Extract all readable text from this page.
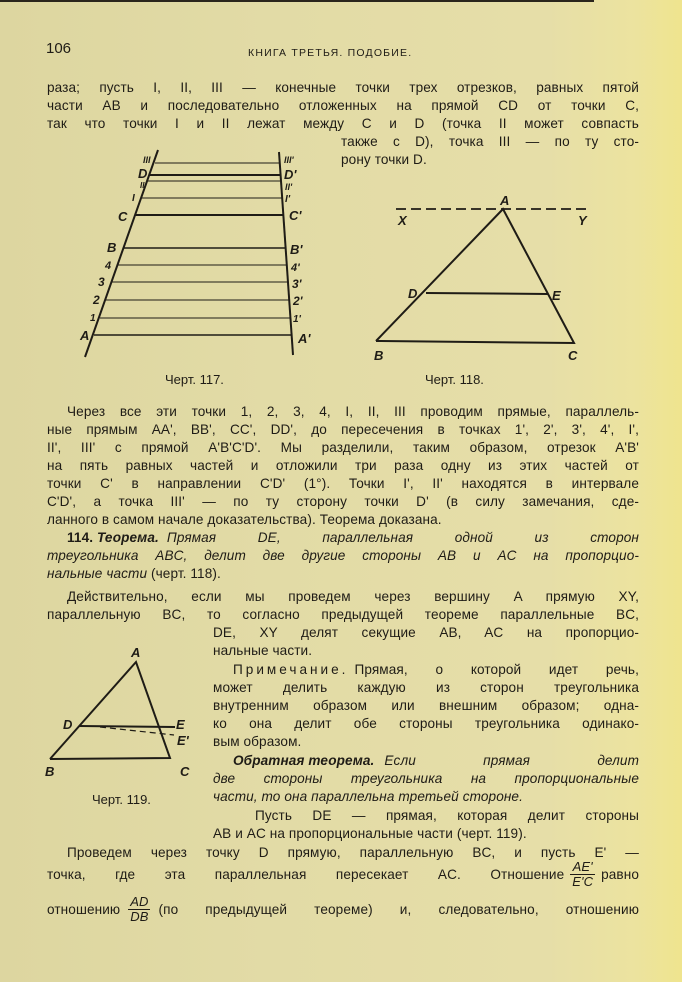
106	КНИГА ТРЕТЬЯ. ПОДОБИЕ.
раза; пусть I, II, III — конечные точки трех отрезков, равных пятой
части AB и последовательно отложенных на прямой CD от точки C,
так что точки I и II лежат между C и D (точка II может совпасть
также с D), точка III — по ту сто-
рону точки D.
III
D
II
I
C
B
4
3
2
1
A
III'
D'
II'
I'
C'
B'
4'
3'
2'
1'
A'
Черт. 117.
A
X	Y
D	E
B	C
Черт. 118.
Через все эти точки 1, 2, 3, 4, I, II, III проводим прямые, параллель-
ные прямым AA', BB', CC', DD', до пересечения в точках 1', 2', 3', 4', I',
II', III' с прямой A'B'C'D'. Мы разделили, таким образом, отрезок A'B'
на пять равных частей и отложили три раза одну из этих частей от
точки C' в направлении C'D' (1°). Точки I', II' находятся в интервале
C'D', а точка III' — по ту сторону точки D' (в силу замечания, сде-
ланного в самом начале доказательства). Теорема доказана.
114. Теорема. Прямая DE, параллельная одной из сторон
треугольника ABC, делит две другие стороны AB и AC на пропорцио-
нальные части (черт. 118).
Действительно, если мы проведем через вершину A прямую XY,
параллельную BC, то согласно предыдущей теореме параллельные BC,
DE, XY делят секущие AB, AC на пропорцио-
нальные части.
Примечание. Прямая, о которой идет речь,
может делить каждую из сторон треугольника
внутренним образом или внешним образом; одна-
ко она делит обе стороны треугольника одинако-
вым образом.
Обратная теорема. Если прямая делит
две стороны треугольника на пропорциональные
части, то она параллельна третьей стороне.
A
D	E
E'
B	C
Черт. 119.
Пусть DE — прямая, которая делит стороны
AB и AC на пропорциональные части (черт. 119).
Проведем через точку D прямую, параллельную BC, и пусть E' —
точка, где эта параллельная пересекает AC. Отношение $\frac{AE'}{E'C}$ равно
отношению $\frac{AD}{DB} (по$ предыдущей теореме) и, следовательно, отношению
